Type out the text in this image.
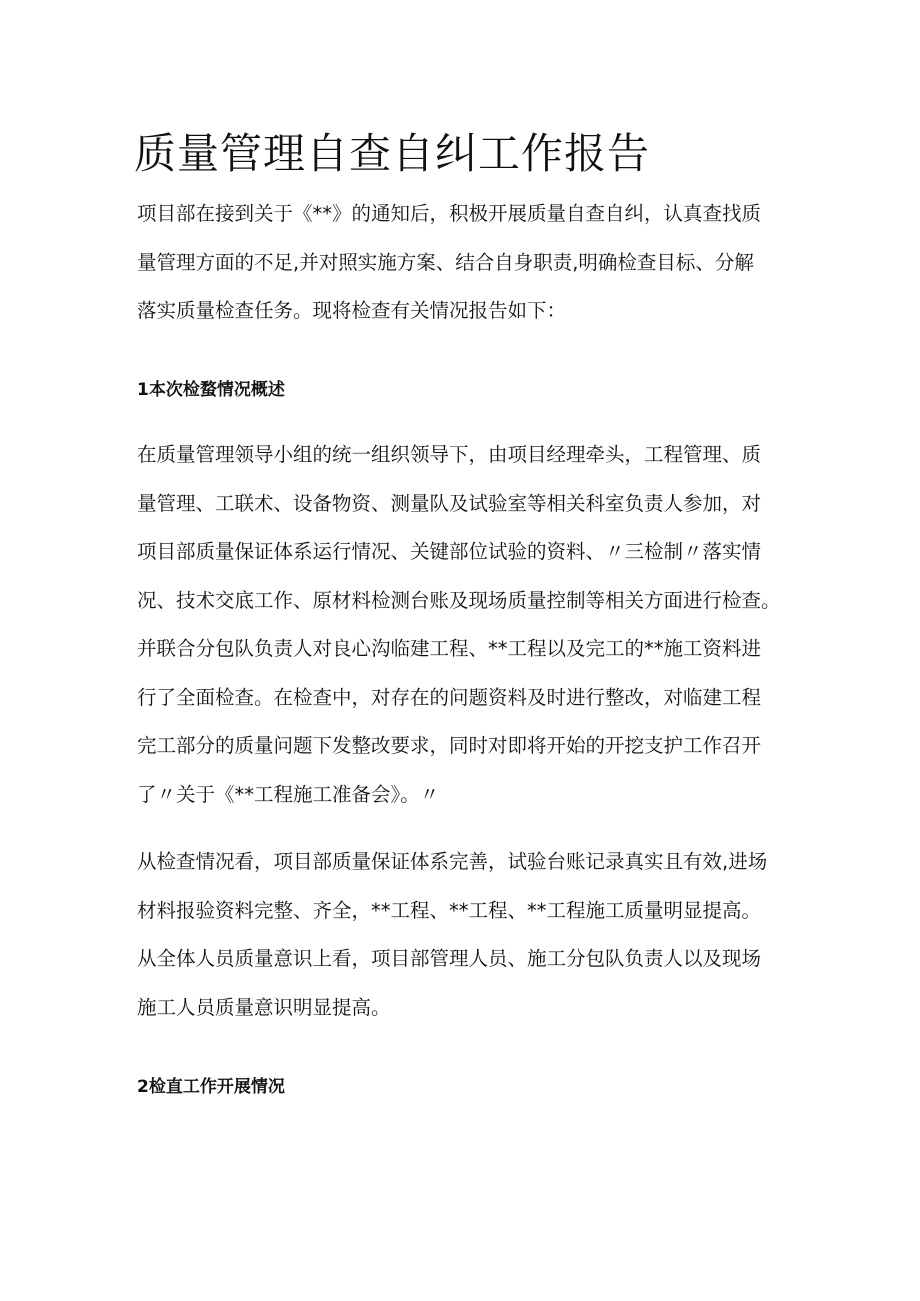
质量管理自查自纠工作报告

项目部在接到关于《**》的通知后，积极开展质量自查自纠，认真查找质
量管理方面的不足,并对照实施方案、结合自身职责,明确检查目标、分解
落实质量检查任务。现将检查有关情况报告如下：

1本次检蝥情况概述

在质量管理领导小组的统一组织领导下，由项目经理牵头，工程管理、质
量管理、工联术、设备物资、测量队及试验室等相关科室负责人参加，对
项目部质量保证体系运行情况、关键部位试验的资料、〃三检制〃落实情
况、技术交底工作、原材料检测台账及现场质量控制等相关方面进行检查。
并联合分包队负责人对良心沟临建工程、**工程以及完工的**施工资料进
行了全面检查。在检查中，对存在的问题资料及时进行整改，对临建工程
完工部分的质量问题下发整改要求，同时对即将开始的开挖支护工作召开
了〃关于《**工程施工准备会》。〃

从检查情况看，项目部质量保证体系完善，试验台账记录真实且有效,进场
材料报验资料完整、齐全，**工程、**工程、**工程施工质量明显提高。
从全体人员质量意识上看，项目部管理人员、施工分包队负责人以及现场
施工人员质量意识明显提高。

2检直工作开展情况
